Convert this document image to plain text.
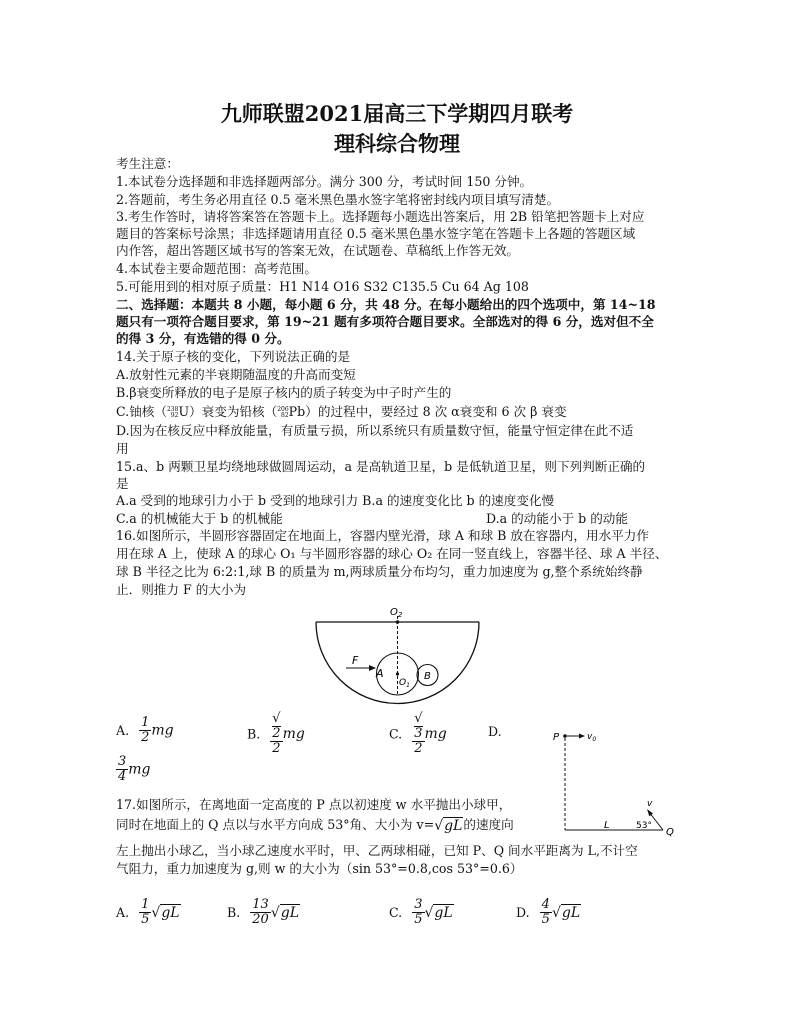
九师联盟2021届高三下学期四月联考
理科综合物理
考生注意：
1.本试卷分选择题和非选择题两部分。满分 300 分，考试时间 150 分钟。
2.答题前，考生务必用直径 0.5 毫米黑色墨水签字笔将密封线内项目填写清楚。
3.考生作答时，请将答案答在答题卡上。选择题每小题选出答案后，用 2B 铅笔把答题卡上对应
题目的答案标号涂黑；非选择题请用直径 0.5 毫米黑色墨水签字笔在答题卡上各题的答题区域
内作答，超出答题区域书写的答案无效，在试题卷、草稿纸上作答无效。
4.本试卷主要命题范围：高考范围。
5.可能用到的相对原子质量：H1 N14 O16 S32 C135.5 Cu 64 Ag 108
二、选择题：本题共 8 小题，每小题 6 分，共 48 分。在每小题给出的四个选项中，第 14~18
题只有一项符合题目要求，第 19~21 题有多项符合题目要求。全部选对的得 6 分，选对但不全
的得 3 分，有选错的得 0 分。
14.关于原子核的变化，下列说法正确的是
A.放射性元素的半衰期随温度的升高而变短
B.β衰变所释放的电子是原子核内的质子转变为中子时产生的
C.铀核（ 238
92 U）衰变为铅核（ 206
82 Pb）的过程中，要经过 8 次 α衰变和 6 次 β 衰变
D.因为在核反应中释放能量，有质量亏损，所以系统只有质量数守恒，能量守恒定律在此不适
用
15.a、b 两颗卫星均绕地球做圆周运动，a 是高轨道卫星，b 是低轨道卫星，则下列判断正确的
是
A.a 受到的地球引力小于 b 受到的地球引力 B.a 的速度变化比 b 的速度变化慢
C.a 的机械能大于 b 的机械能	D.a 的动能小于 b 的动能
16.如图所示，半圆形容器固定在地面上，容器内壁光滑，球 A 和球 B 放在容器内，用水平力作
用在球 A 上，使球 A 的球心 O₁ 与半圆形容器的球心 O₂ 在同一竖直线上，容器半径、球 A 半径、
球 B 半径之比为 6:2:1,球 B 的质量为 m,两球质量分布均匀，重力加速度为 g,整个系统始终静
止．则推力 F 的大小为
$O_2$
F
A
$O_1$
B
A. $\frac{1}{2}$ mg	B. √
2
2 mg	C. √
3
2 mg	D.
$\frac{3}{4}$ mg
P	$v_0$
v
L	53°
Q
17.如图所示，在离地面一定高度的 P 点以初速度 w 水平抛出小球甲，
同时在地面上的 Q 点以与水平方向成 53°角、大小为 v=√gL的速度向
左上抛出小球乙，当小球乙速度水平时，甲、乙两球相碰，已知 P、Q 间水平距离为 L,不计空
气阻力，重力加速度为 g,则 w 的大小为（sin 53°=0.8,cos 53°=0.6）
A. $\frac{1}{5} √gL$	B. $\frac{13}{20} √gL$	C. $\frac{3}{5} √gL$	D. $\frac{4}{5} √gL$
